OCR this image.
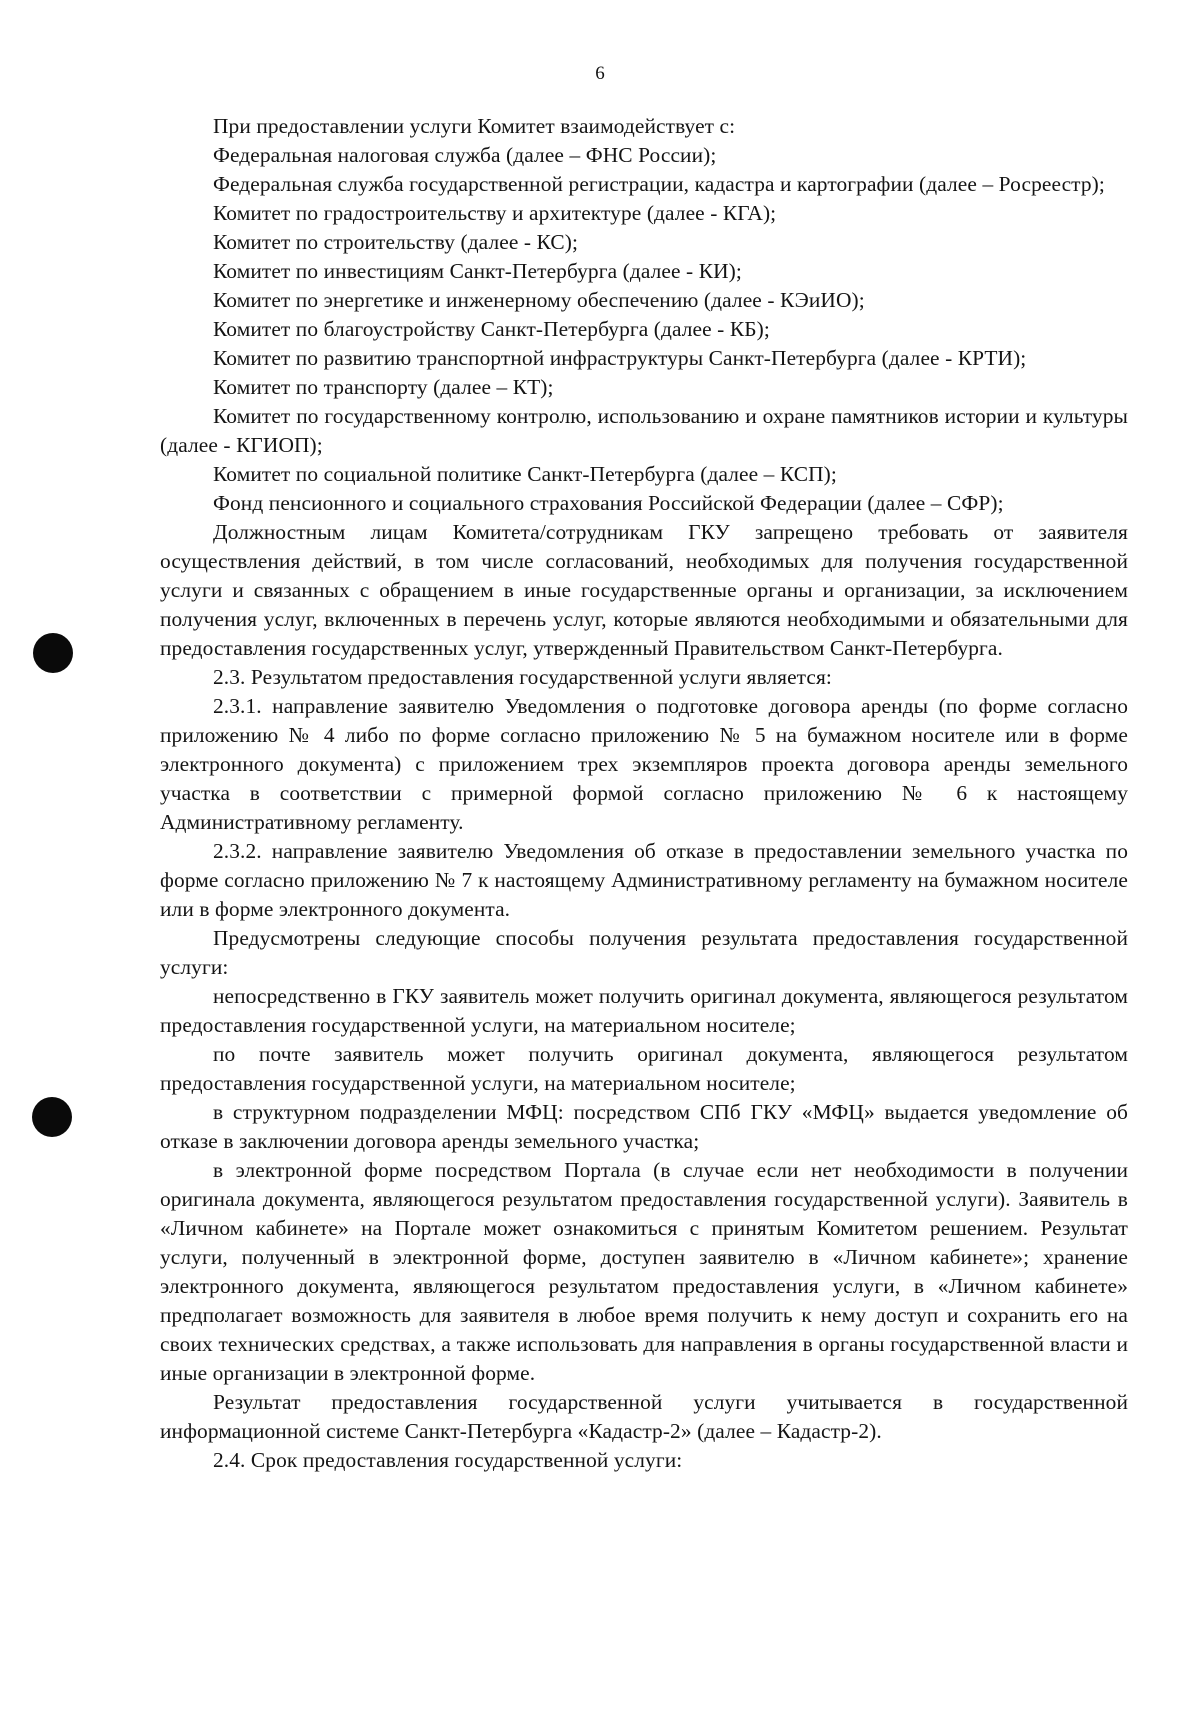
6

При предоставлении услуги Комитет взаимодействует с:

Федеральная налоговая служба (далее – ФНС России);

Федеральная служба государственной регистрации, кадастра и картографии (далее – Росреестр);

Комитет по градостроительству и архитектуре (далее - КГА);

Комитет по строительству (далее - КС);

Комитет по инвестициям Санкт-Петербурга (далее - КИ);

Комитет по энергетике и инженерному обеспечению (далее - КЭиИО);

Комитет по благоустройству Санкт-Петербурга (далее - КБ);

Комитет по развитию транспортной инфраструктуры Санкт-Петербурга (далее - КРТИ);

Комитет по транспорту (далее – КТ);

Комитет по государственному контролю, использованию и охране памятников истории и культуры (далее - КГИОП);

Комитет по социальной политике Санкт-Петербурга (далее – КСП);

Фонд пенсионного и социального страхования Российской Федерации (далее – СФР);

Должностным лицам Комитета/сотрудникам ГКУ запрещено требовать от заявителя осуществления действий, в том числе согласований, необходимых для получения государственной услуги и связанных с обращением в иные государственные органы и организации, за исключением получения услуг, включенных в перечень услуг, которые являются необходимыми и обязательными для предоставления государственных услуг, утвержденный Правительством Санкт-Петербурга.

2.3. Результатом предоставления государственной услуги является:

2.3.1. направление заявителю Уведомления о подготовке договора аренды (по форме согласно приложению № 4 либо по форме согласно приложению № 5 на бумажном носителе или в форме электронного документа) с приложением трех экземпляров проекта договора аренды земельного участка в соответствии с примерной формой согласно приложению № 6 к настоящему Административному регламенту.

2.3.2. направление заявителю Уведомления об отказе в предоставлении земельного участка по форме согласно приложению № 7 к настоящему Административному регламенту на бумажном носителе или в форме электронного документа.

Предусмотрены следующие способы получения результата предоставления государственной услуги:

непосредственно в ГКУ заявитель может получить оригинал документа, являющегося результатом предоставления государственной услуги, на материальном носителе;

по почте заявитель может получить оригинал документа, являющегося результатом предоставления государственной услуги, на материальном носителе;

в структурном подразделении МФЦ: посредством СПб ГКУ «МФЦ» выдается уведомление об отказе в заключении договора аренды земельного участка;

в электронной форме посредством Портала (в случае если нет необходимости в получении оригинала документа, являющегося результатом предоставления государственной услуги). Заявитель в «Личном кабинете» на Портале может ознакомиться с принятым Комитетом решением. Результат услуги, полученный в электронной форме, доступен заявителю в «Личном кабинете»; хранение электронного документа, являющегося результатом предоставления услуги, в «Личном кабинете» предполагает возможность для заявителя в любое время получить к нему доступ и сохранить его на своих технических средствах, а также использовать для направления в органы государственной власти и иные организации в электронной форме.

Результат предоставления государственной услуги учитывается в государственной информационной системе Санкт-Петербурга «Кадастр-2» (далее – Кадастр-2).

2.4. Срок предоставления государственной услуги:
